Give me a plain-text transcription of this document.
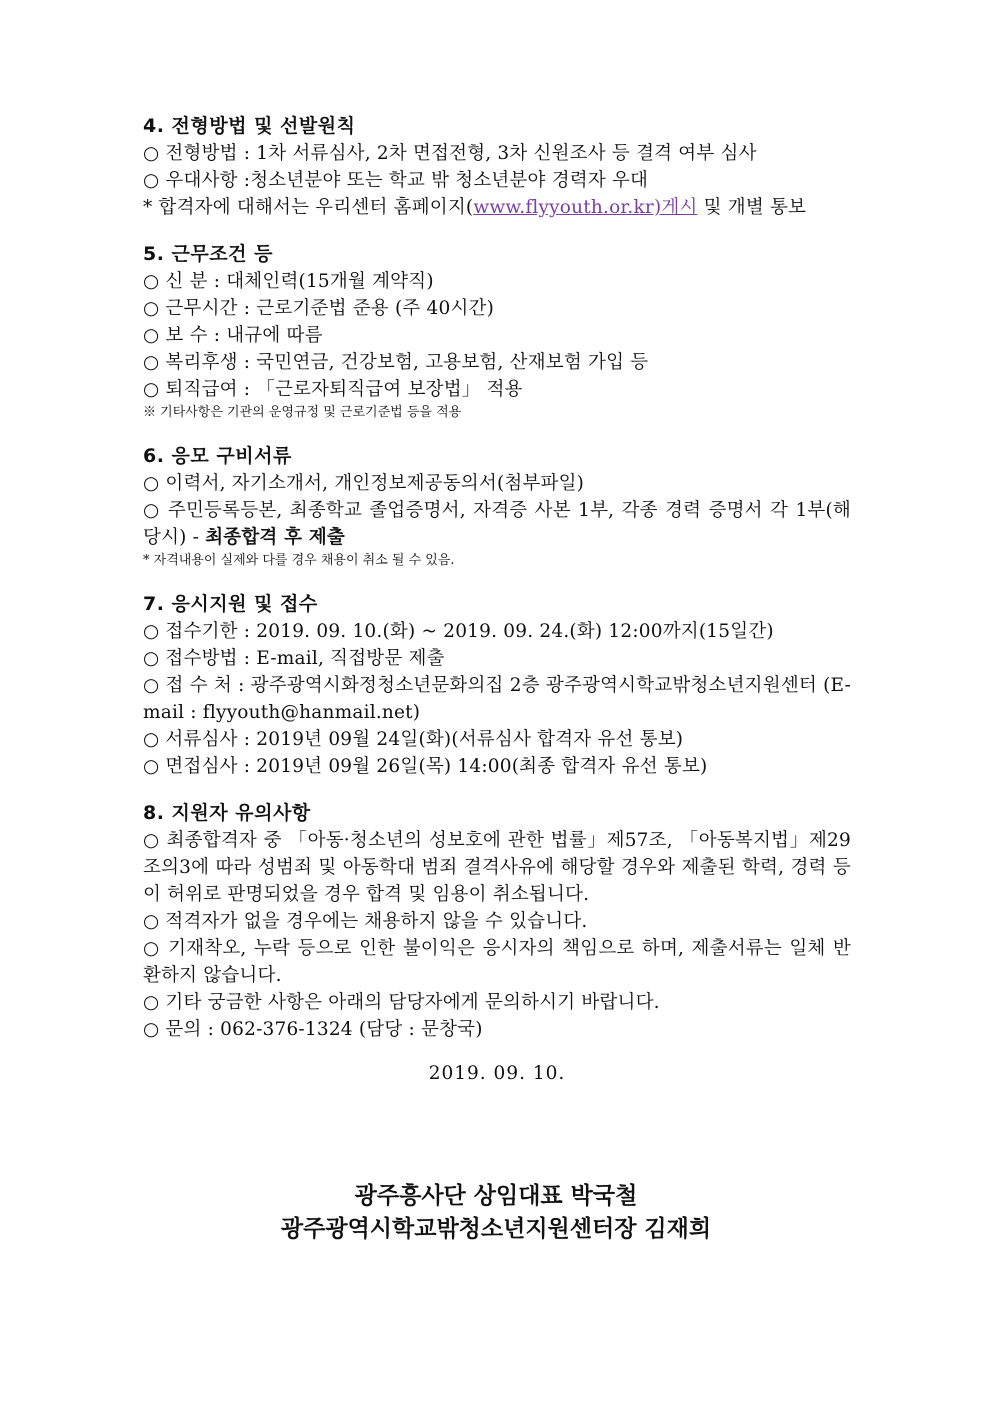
4. 전형방법 및 선발원칙
○ 전형방법 : 1차 서류심사, 2차 면접전형, 3차 신원조사 등 결격 여부 심사
○ 우대사항 :청소년분야 또는 학교 밖 청소년분야 경력자 우대
* 합격자에 대해서는 우리센터 홈페이지(www.flyyouth.or.kr)게시 및 개별 통보
5. 근무조건 등
○ 신 분 : 대체인력(15개월 계약직)
○ 근무시간 : 근로기준법 준용 (주 40시간)
○ 보 수 : 내규에 따름
○ 복리후생 : 국민연금, 건강보험, 고용보험, 산재보험 가입 등
○ 퇴직급여 : 「근로자퇴직급여 보장법」 적용
※ 기타사항은 기관의 운영규정 및 근로기준법 등을 적용
6. 응모 구비서류
○ 이력서, 자기소개서, 개인정보제공동의서(첨부파일)
○ 주민등록등본, 최종학교 졸업증명서, 자격증 사본 1부, 각종 경력 증명서 각 1부(해당시) - 최종합격 후 제출
* 자격내용이 실제와 다를 경우 채용이 취소 될 수 있음.
7. 응시지원 및 접수
○ 접수기한 : 2019. 09. 10.(화) ~ 2019. 09. 24.(화) 12:00까지(15일간)
○ 접수방법 : E-mail, 직접방문 제출
○ 접 수 처 : 광주광역시화정청소년문화의집 2층 광주광역시학교밖청소년지원센터 (E-mail : flyyouth@hanmail.net)
○ 서류심사 : 2019년 09월 24일(화)(서류심사 합격자 유선 통보)
○ 면접심사 : 2019년 09월 26일(목) 14:00(최종 합격자 유선 통보)
8. 지원자 유의사항
○ 최종합격자 중 「아동·청소년의 성보호에 관한 법률」제57조, 「아동복지법」제29조의3에 따라 성범죄 및 아동학대 범죄 결격사유에 해당할 경우와 제출된 학력, 경력 등이 허위로 판명되었을 경우 합격 및 임용이 취소됩니다.
○ 적격자가 없을 경우에는 채용하지 않을 수 있습니다.
○ 기재착오, 누락 등으로 인한 불이익은 응시자의 책임으로 하며, 제출서류는 일체 반환하지 않습니다.
○ 기타 궁금한 사항은 아래의 담당자에게 문의하시기 바랍니다.
○ 문의 : 062-376-1324 (담당 : 문창국)
2019. 09. 10.
광주흥사단 상임대표 박국철
광주광역시학교밖청소년지원센터장 김재희
